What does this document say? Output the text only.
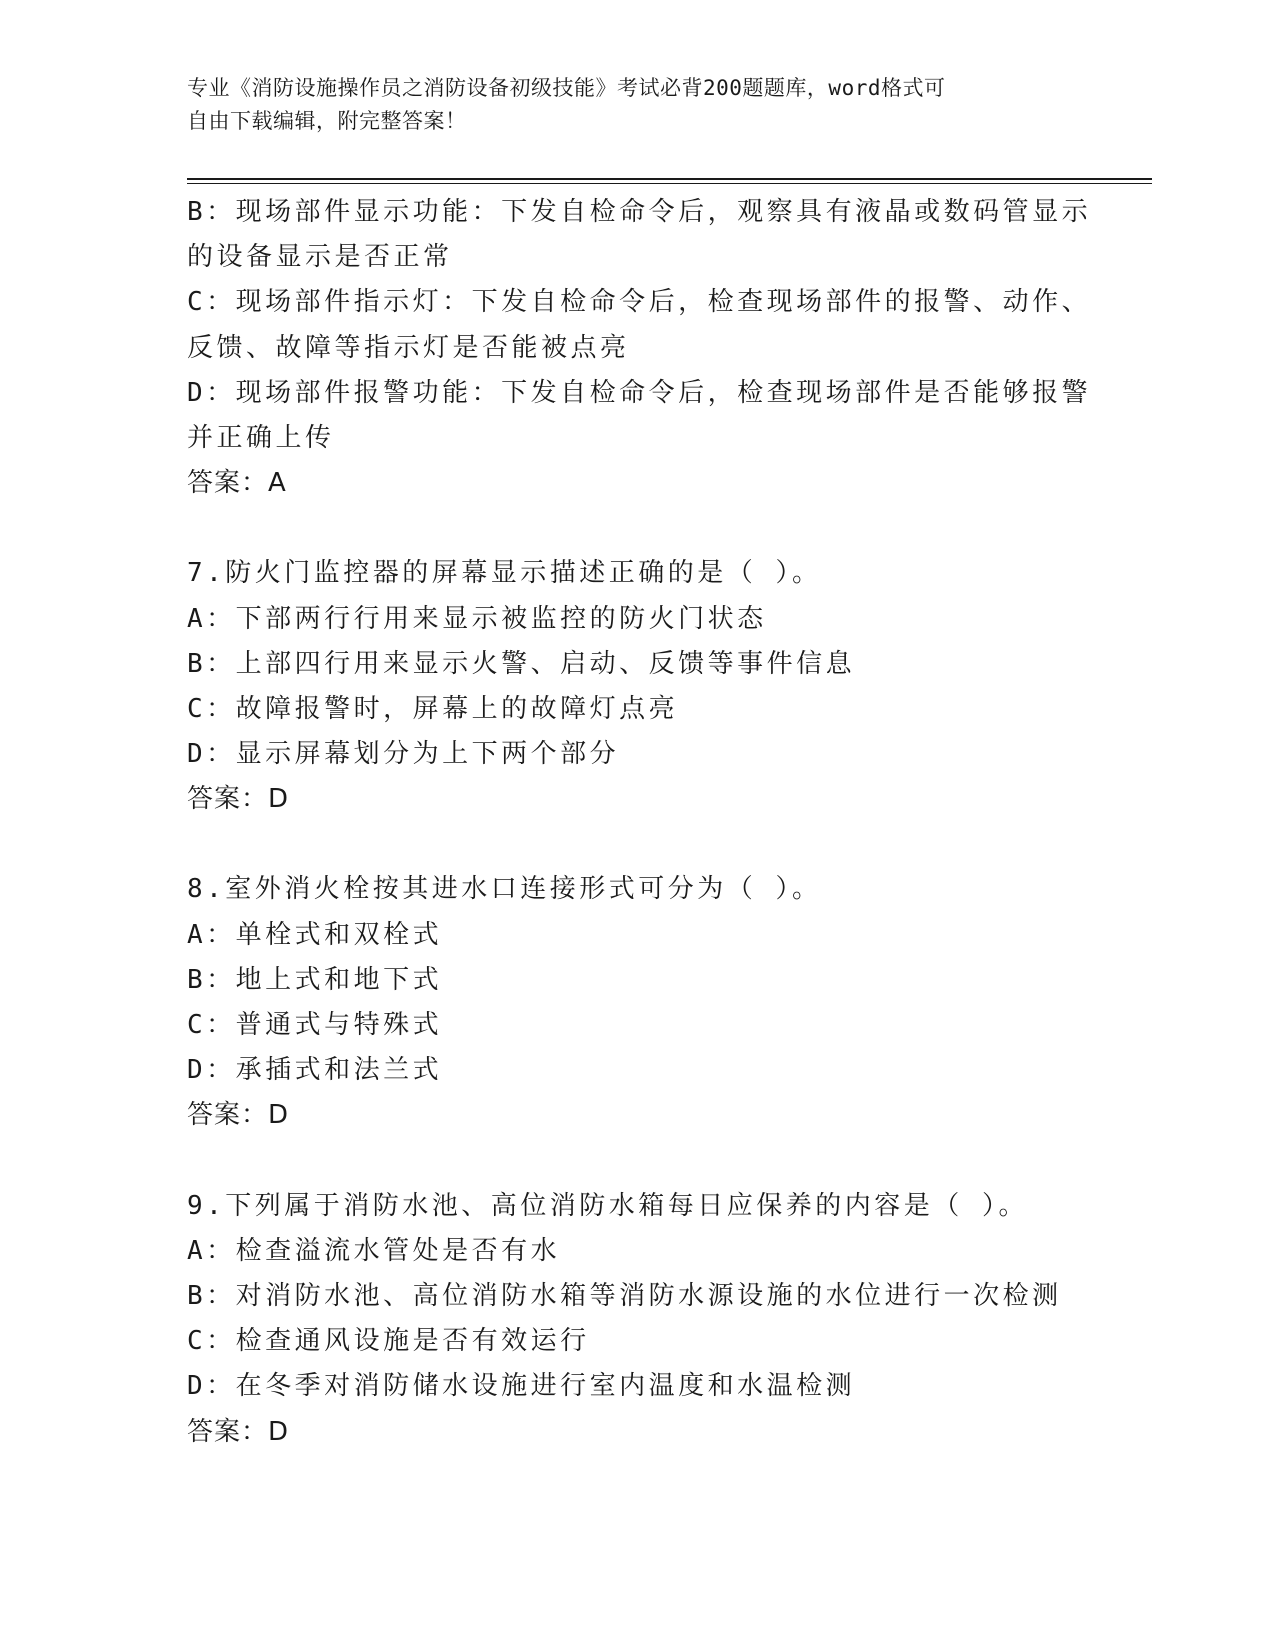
专业《消防设施操作员之消防设备初级技能》考试必背200题题库，word格式可
自由下载编辑，附完整答案！
B：现场部件显示功能：下发自检命令后，观察具有液晶或数码管显示
的设备显示是否正常
C：现场部件指示灯：下发自检命令后，检查现场部件的报警、动作、
反馈、故障等指示灯是否能被点亮
D：现场部件报警功能：下发自检命令后，检查现场部件是否能够报警
并正确上传
答案：A
7.防火门监控器的屏幕显示描述正确的是（ ）。
A：下部两行行用来显示被监控的防火门状态
B：上部四行用来显示火警、启动、反馈等事件信息
C：故障报警时，屏幕上的故障灯点亮
D：显示屏幕划分为上下两个部分
答案：D
8.室外消火栓按其进水口连接形式可分为（ ）。
A：单栓式和双栓式
B：地上式和地下式
C：普通式与特殊式
D：承插式和法兰式
答案：D
9.下列属于消防水池、高位消防水箱每日应保养的内容是（ ）。
A：检查溢流水管处是否有水
B：对消防水池、高位消防水箱等消防水源设施的水位进行一次检测
C：检查通风设施是否有效运行
D：在冬季对消防储水设施进行室内温度和水温检测
答案：D
